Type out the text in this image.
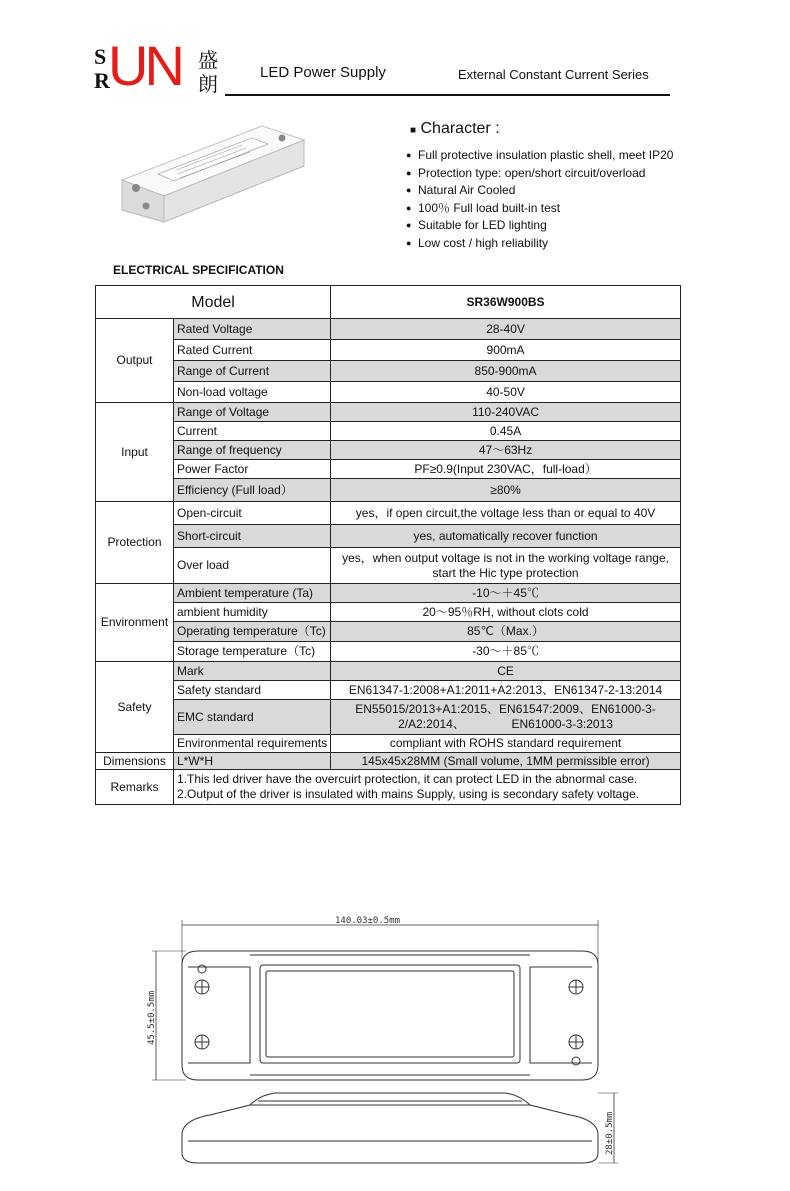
S
R
UN 盛
朗	LED Power Supply	External Constant Current Series
■ Character :
● Full protective insulation plastic shell, meet IP20
● Protection type: open/short circuit/overload
● Natural Air Cooled
● 100％ Full load built-in test
● Suitable for LED lighting
● Low cost / high reliability
ELECTRICAL SPECIFICATION
Model		SR36W900BS
Output	Rated Voltage	28-40V
	Rated Current	900mA
	Range of Current	850-900mA
	Non-load voltage	40-50V
Input	Range of Voltage	110-240VAC
	Current	0.45A
	Range of frequency	47～63Hz
	Power Factor	PF≥0.9(Input 230VAC，full-load）
	Efficiency (Full load）	≥80%
Protection	Open-circuit	yes，if open circuit,the voltage less than or equal to 40V
	Short-circuit	yes, automatically recover function
	Over load	yes，when output voltage is not in the working voltage range,
start the Hic type protection

Environment	Ambient temperature (Ta)	-10～＋45℃
	ambient humidity	20～95％RH, without clots cold
	Operating temperature（Tc)	85℃（Max.）
	Storage temperature（Tc)	-30～＋85℃
Safety	Mark	CE
	Safety standard	EN61347-1:2008+A1:2011+A2:2013、EN61347-2-13:2014
	EMC standard	EN55015/2013+A1:2015、EN61547:2009、EN61000-3-
2/A2:2014、              EN61000-3-3:2013

	Environmental requirements	compliant with ROHS standard requirement
Dimensions	L*W*H	145x45x28MM (Small volume, 1MM permissible error)
Remarks	1.This led driver have the overcuirt protection, it can protect LED in the abnormal case.
2.Output of the driver is insulated with mains Supply, using is secondary safety voltage.	
140.03±0.5mm
45.5±0.5mm
28±0.5mm
